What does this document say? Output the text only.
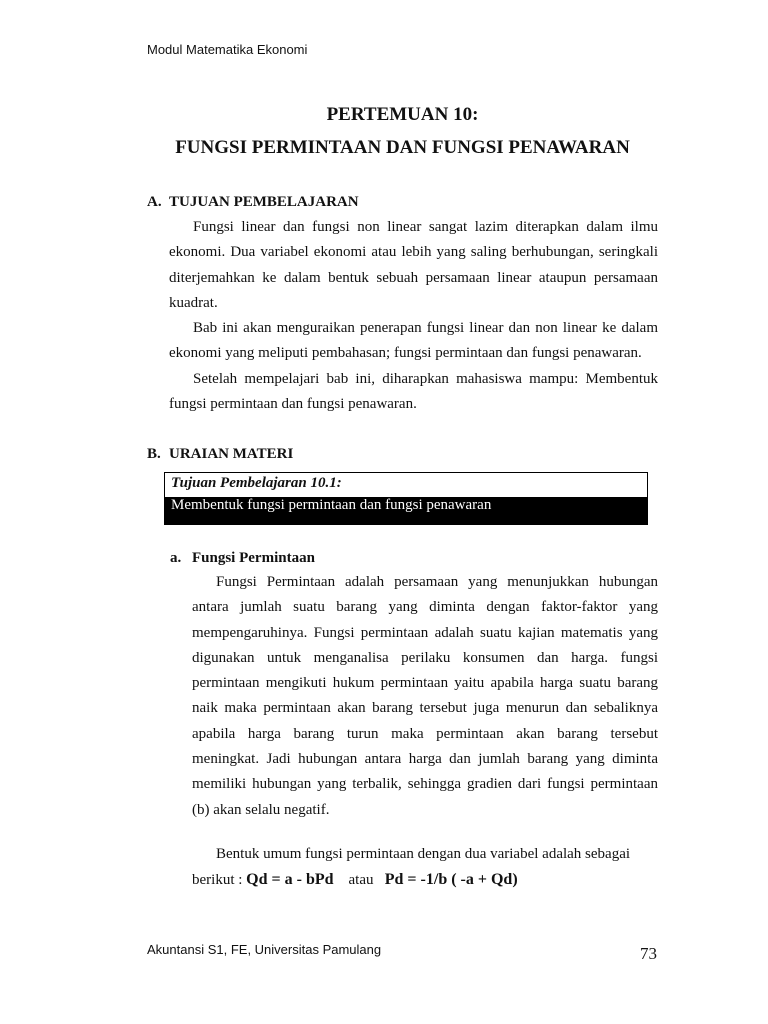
Modul Matematika Ekonomi
PERTEMUAN 10:
FUNGSI PERMINTAAN DAN FUNGSI PENAWARAN
A. TUJUAN PEMBELAJARAN

Fungsi linear dan fungsi non linear sangat lazim diterapkan dalam ilmu ekonomi. Dua variabel ekonomi atau lebih yang saling berhubungan, seringkali diterjemahkan ke dalam bentuk sebuah persamaan linear ataupun persamaan kuadrat.

Bab ini akan menguraikan penerapan fungsi linear dan non linear ke dalam ekonomi yang meliputi pembahasan; fungsi permintaan dan fungsi penawaran.

Setelah mempelajari bab ini, diharapkan mahasiswa mampu: Membentuk fungsi permintaan dan fungsi penawaran.

B. URAIAN MATERI
Tujuan Pembelajaran 10.1:
Membentuk fungsi permintaan dan fungsi penawaran
a. Fungsi Permintaan

Fungsi Permintaan adalah persamaan yang menunjukkan hubungan antara jumlah suatu barang yang diminta dengan faktor-faktor yang mempengaruhinya. Fungsi permintaan adalah suatu kajian matematis yang digunakan untuk menganalisa perilaku konsumen dan harga. fungsi permintaan mengikuti hukum permintaan yaitu apabila harga suatu barang naik maka permintaan akan barang tersebut juga menurun dan sebaliknya apabila harga barang turun maka permintaan akan barang tersebut meningkat. Jadi hubungan antara harga dan jumlah barang yang diminta memiliki hubungan yang terbalik, sehingga gradien dari fungsi permintaan (b) akan selalu negatif.

Bentuk umum fungsi permintaan dengan dua variabel adalah sebagai

berikut : Qd = a - bPd atau Pd = -1/b ( -a + Qd)
Akuntansi S1, FE, Universitas Pamulang	73
